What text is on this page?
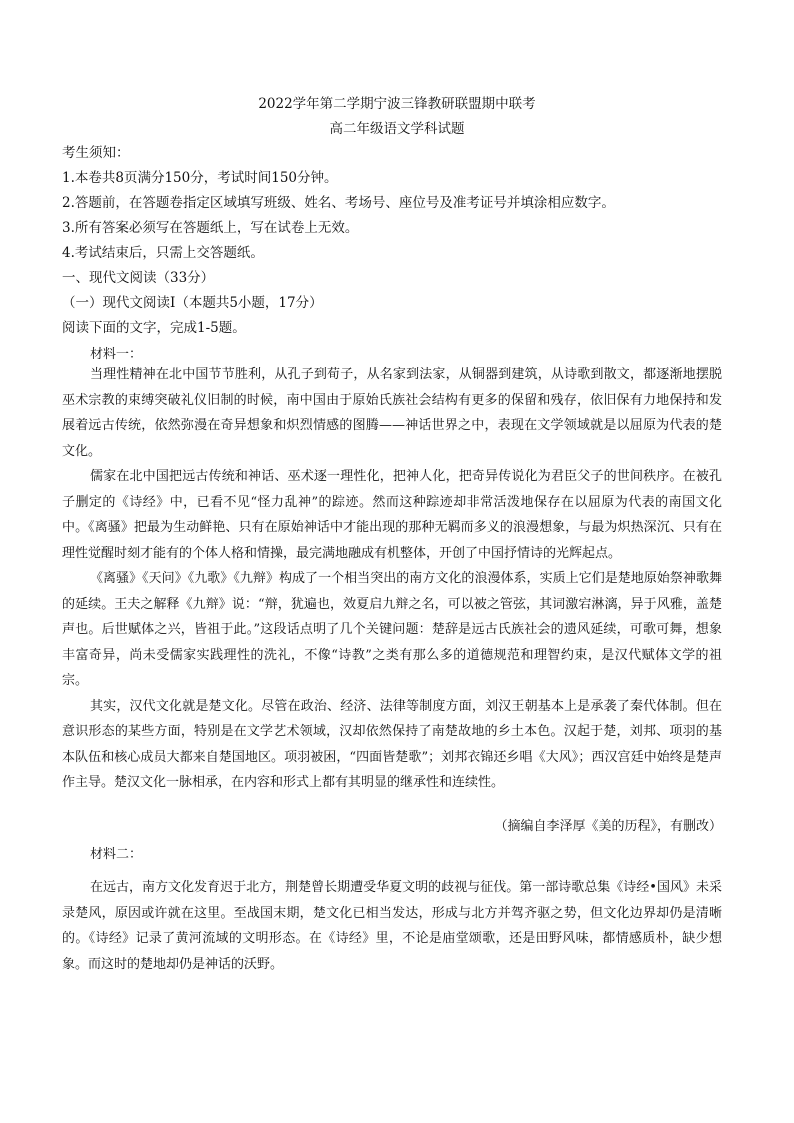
2022学年第二学期宁波三锋教研联盟期中联考
高二年级语文学科试题
考生须知：
1.本卷共8页满分150分，考试时间150分钟。
2.答题前，在答题卷指定区域填写班级、姓名、考场号、座位号及准考证号并填涂相应数字。
3.所有答案必须写在答题纸上，写在试卷上无效。
4.考试结束后，只需上交答题纸。
一、现代文阅读（33分）
（一）现代文阅读Ⅰ（本题共5小题，17分）
阅读下面的文字，完成1-5题。
材料一：

当理性精神在北中国节节胜利，从孔子到荀子，从名家到法家，从铜器到建筑，从诗歌到散文，都逐渐地摆脱巫术宗教的束缚突破礼仪旧制的时候，南中国由于原始氏族社会结构有更多的保留和残存，依旧保有力地保持和发展着远古传统，依然弥漫在奇异想象和炽烈情感的图腾——神话世界之中，表现在文学领域就是以屈原为代表的楚文化。

儒家在北中国把远古传统和神话、巫术逐一理性化，把神人化，把奇异传说化为君臣父子的世间秩序。在被孔子删定的《诗经》中，已看不见“怪力乱神”的踪迹。然而这种踪迹却非常活泼地保存在以屈原为代表的南国文化中。《离骚》把最为生动鲜艳、只有在原始神话中才能出现的那种无羁而多义的浪漫想象，与最为炽热深沉、只有在理性觉醒时刻才能有的个体人格和情操，最完满地融成有机整体，开创了中国抒情诗的光辉起点。

《离骚》《天问》《九歌》《九辩》构成了一个相当突出的南方文化的浪漫体系，实质上它们是楚地原始祭神歌舞的延续。王夫之解释《九辩》说：“辩，犹遍也，效夏启九辩之名，可以被之管弦，其词激宕淋漓，异于风雅，盖楚声也。后世赋体之兴，皆祖于此。”这段话点明了几个关键问题：楚辞是远古氏族社会的遗风延续，可歌可舞，想象丰富奇异，尚未受儒家实践理性的洗礼，不像“诗教”之类有那么多的道德规范和理智约束，是汉代赋体文学的祖宗。

其实，汉代文化就是楚文化。尽管在政治、经济、法律等制度方面，刘汉王朝基本上是承袭了秦代体制。但在意识形态的某些方面，特别是在文学艺术领域，汉却依然保持了南楚故地的乡土本色。汉起于楚，刘邦、项羽的基本队伍和核心成员大都来自楚国地区。项羽被困，“四面皆楚歌”；刘邦衣锦还乡唱《大风》；西汉宫廷中始终是楚声作主导。楚汉文化一脉相承，在内容和形式上都有其明显的继承性和连续性。

（摘编自李泽厚《美的历程》，有删改）
材料二：

在远古，南方文化发育迟于北方，荆楚曾长期遭受华夏文明的歧视与征伐。第一部诗歌总集《诗经•国风》未采录楚风，原因或许就在这里。至战国末期，楚文化已相当发达，形成与北方并驾齐驱之势，但文化边界却仍是清晰的。《诗经》记录了黄河流域的文明形态。在《诗经》里，不论是庙堂颂歌，还是田野风味，都情感质朴，缺少想象。而这时的楚地却仍是神话的沃野。
